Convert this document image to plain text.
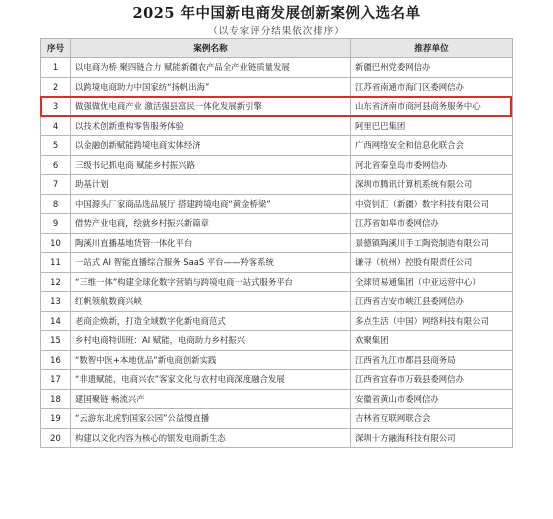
2025 年中国新电商发展创新案例入选名单
（以专家评分结果依次排序）
序号	案例名称	推荐单位
1	以电商为桥 聚四链合力 赋能新疆农产品全产业链质量发展	新疆巴州党委网信办
2	以跨境电商助力中国家纺“扬帆出海”	江苏省南通市海门区委网信办
3	做强做优电商产业 激活强县富民一体化发展新引擎	山东省济南市商河县商务服务中心
4	以技术创新重构零售服务体验	阿里巴巴集团
5	以金融创新赋能跨境电商实体经济	广西网络安全和信息化联合会
6	三级书记抓电商 赋能乡村振兴路	河北省秦皇岛市委网信办
7	助基计划	深圳市腾讯计算机系统有限公司
8	中国源头厂家商品选品展厅 搭建跨境电商“黄金桥梁”	中资钊汇（新疆）数字科技有限公司
9	借势产业电商，绘就乡村振兴新篇章	江苏省如皋市委网信办
10	陶溪川直播基地货管一体化平台	景德镇陶溪川手工陶瓷制造有限公司
11	一站式 AI 智能直播综合服务 SaaS 平台——羚客系统	谦寻（杭州）控股有限责任公司
12	“三维一体”构建全球化数字营销与跨境电商一站式服务平台	全球贸易通集团（中亚运营中心）
13	红帆领航数商兴峡	江西省吉安市峡江县委网信办
14	老商企焕新，打造全域数字化新电商范式	多点生活（中国）网络科技有限公司
15	乡村电商特训班：AI 赋能，电商助力乡村振兴	欢聚集团
16	“数智中医+本地优品”新电商创新实践	江西省九江市都昌县商务局
17	“非遗赋能，电商兴农”客家文化与农村电商深度融合发展	江西省宜春市万载县委网信办
18	建国聚链 畅流兴产	安徽省黄山市委网信办
19	“云游东北虎豹国家公园”公益慢直播	吉林省互联网联合会
20	构建以文化内容为核心的银发电商新生态	深圳十方融海科技有限公司
